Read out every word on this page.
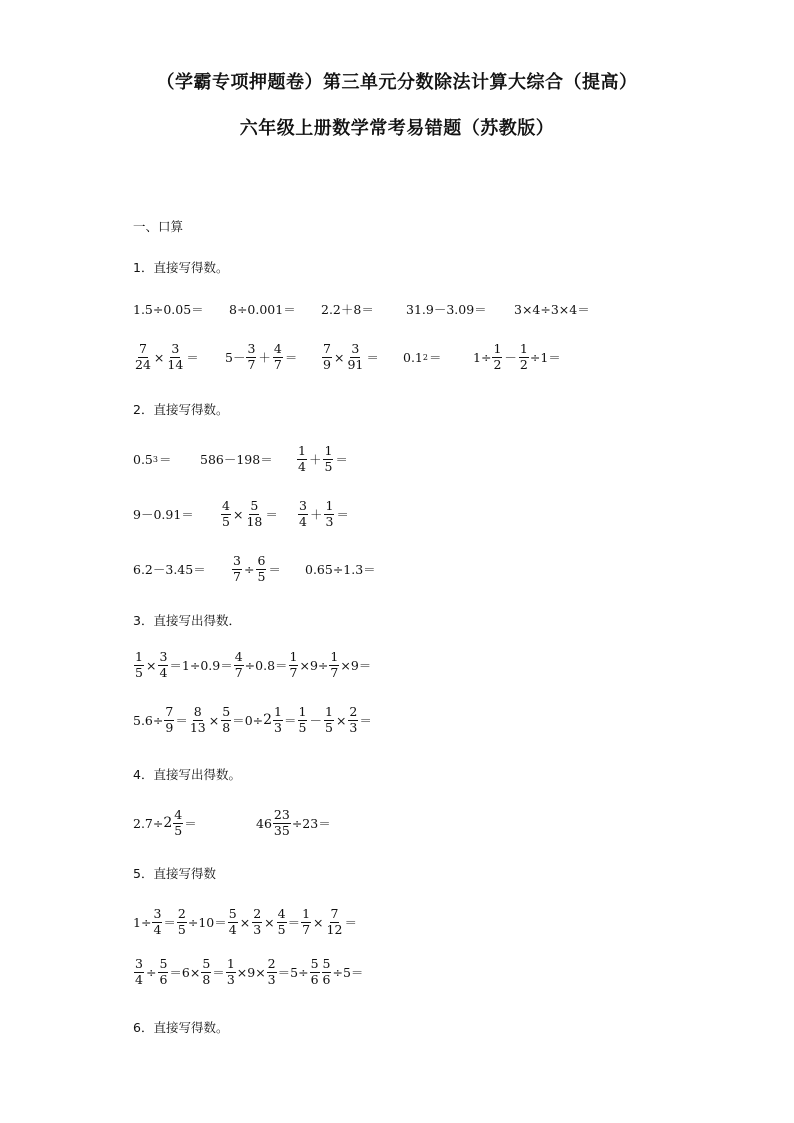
（学霸专项押题卷）第三单元分数除法计算大综合（提高）
六年级上册数学常考易错题（苏教版）
一、口算
1．直接写得数。
1.5÷0.05＝ 8÷0.001＝ 2.2＋8＝	31.9－3.09＝ 3×4÷3×4＝
$\frac{7}{24} \times \frac{3}{14} = 5- \frac{3}{7} + \frac{4}{7} = \frac{7}{9} \times \frac{3}{91} = 0.1$ 2 ＝	$1\div \frac{1}{2} - \frac{1}{2} \div 1=$
2．直接写得数。
0.5 $3 = 586-198= \frac{1}{4} + \frac{1}{5}$ ＝
$9-0.91= \frac{4}{5} \times \frac{5}{18} = \frac{3}{4} + \frac{1}{3}$ ＝
$6.2-3.45= \frac{3}{7} \div \frac{6}{5} = 0.65\div 1.3=$
3．直接写出得数．
$\frac{1}{5} \times \frac{3}{4} = 1\div 0.9= \frac{4}{7} \div 0.8= \frac{1}{7} \times 9\div \frac{1}{7} \times 9=$
$5.6\div \frac{7}{9} = \frac{8}{13} \times \frac{5}{8} = 0\div 2 \frac{1}{3} = \frac{1}{5} - \frac{1}{5} \times \frac{2}{3}$ ＝
4．直接写出得数。
$2.7\div 2 \frac{4}{5}$ ＝	$46 \frac{23}{35} \div 23=$
5．直接写得数
$1\div \frac{3}{4} = \frac{2}{5} \div 10= \frac{5}{4} \times \frac{2}{3} \times \frac{4}{5} = \frac{1}{7} \times \frac{7}{12}$ ＝
$\frac{3}{4} \div \frac{5}{6} = 6\times \frac{5}{8} = \frac{1}{3} \times 9\times \frac{2}{3} = 5\div \frac{5}{6} \frac{5}{6} \div 5=$
6．直接写得数。
